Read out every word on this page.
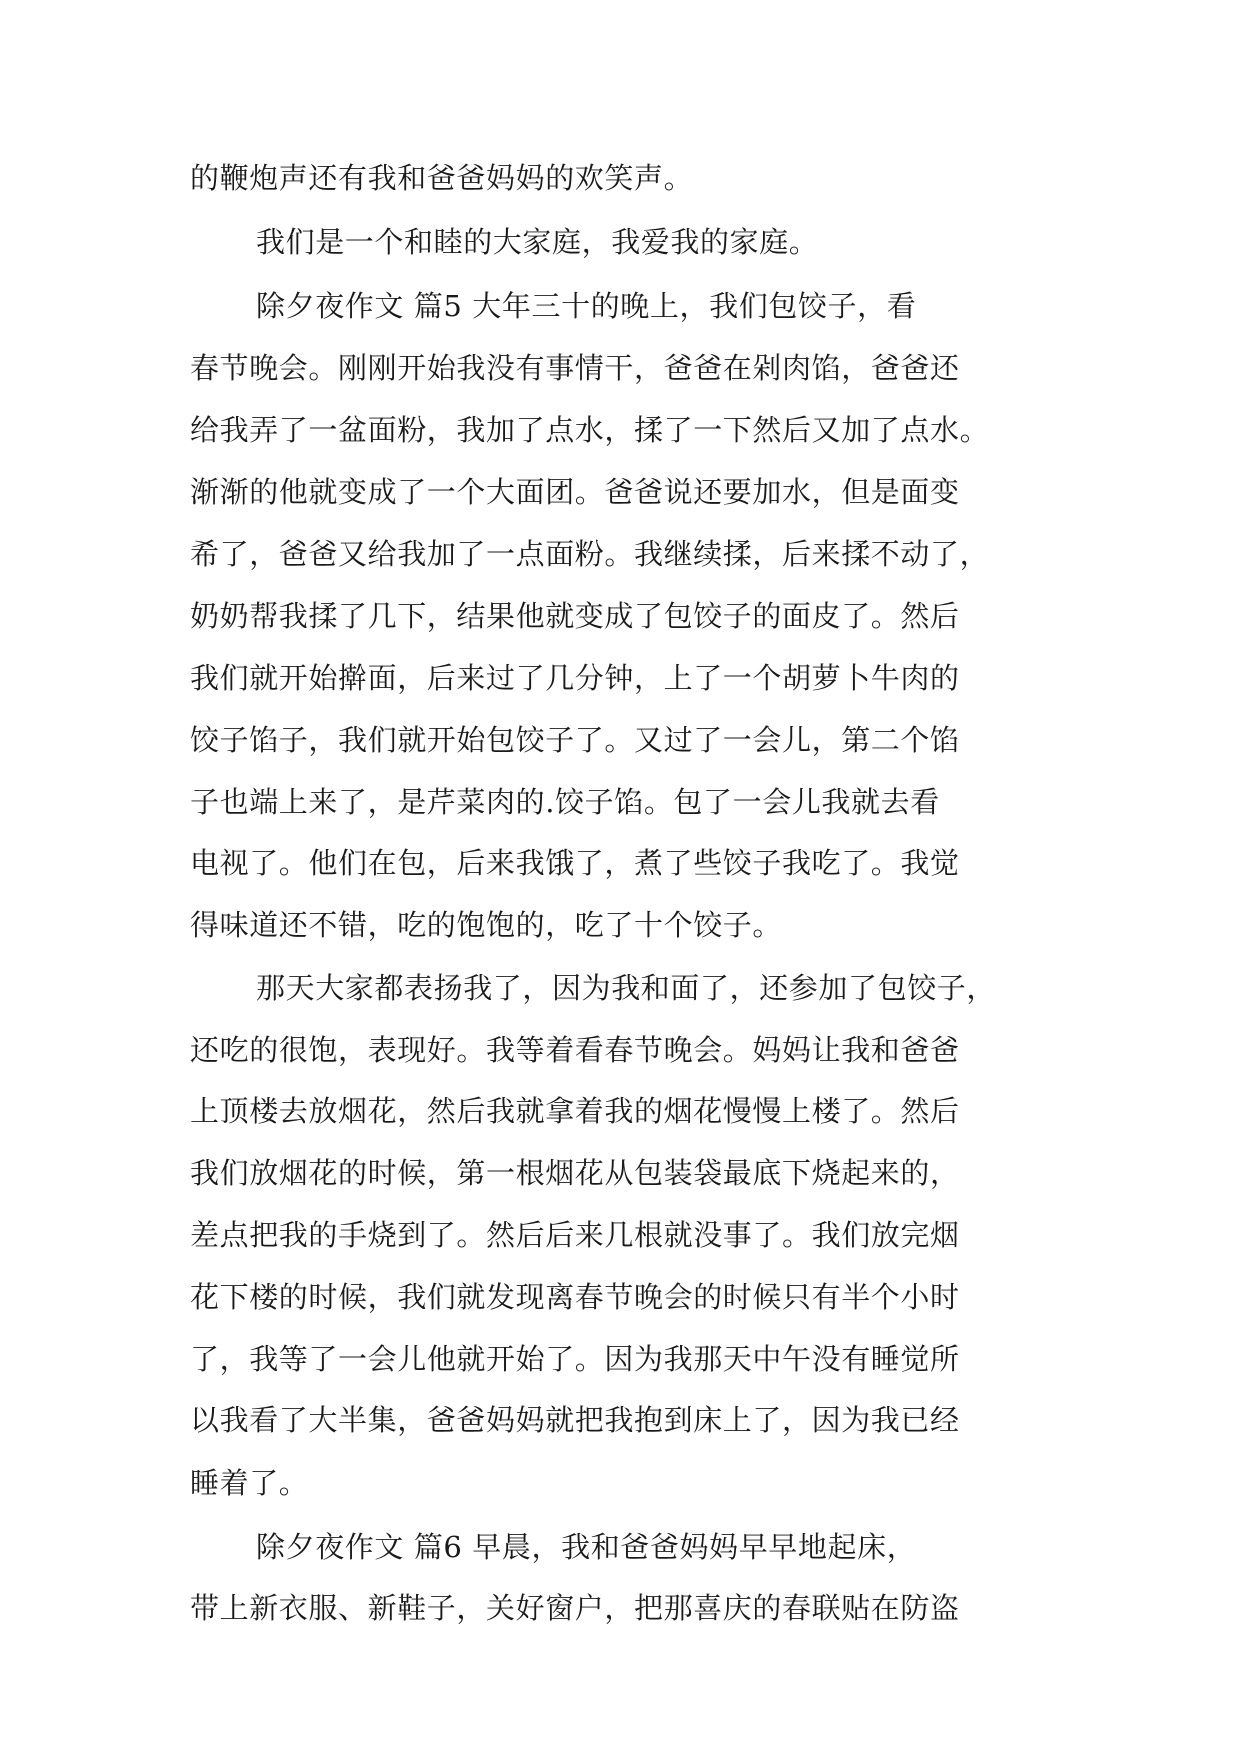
的鞭炮声还有我和爸爸妈妈的欢笑声。
我们是一个和睦的大家庭，我爱我的家庭。
除夕夜作文 篇5 大年三十的晚上，我们包饺子，看
春节晚会。刚刚开始我没有事情干，爸爸在剁肉馅，爸爸还
给我弄了一盆面粉，我加了点水，揉了一下然后又加了点水。
渐渐的他就变成了一个大面团。爸爸说还要加水，但是面变
希了，爸爸又给我加了一点面粉。我继续揉，后来揉不动了，
奶奶帮我揉了几下，结果他就变成了包饺子的面皮了。然后
我们就开始擀面，后来过了几分钟，上了一个胡萝卜牛肉的
饺子馅子，我们就开始包饺子了。又过了一会儿，第二个馅
子也端上来了，是芹菜肉的.饺子馅。包了一会儿我就去看
电视了。他们在包，后来我饿了，煮了些饺子我吃了。我觉
得味道还不错，吃的饱饱的，吃了十个饺子。
那天大家都表扬我了，因为我和面了，还参加了包饺子，
还吃的很饱，表现好。我等着看春节晚会。妈妈让我和爸爸
上顶楼去放烟花，然后我就拿着我的烟花慢慢上楼了。然后
我们放烟花的时候，第一根烟花从包装袋最底下烧起来的，
差点把我的手烧到了。然后后来几根就没事了。我们放完烟
花下楼的时候，我们就发现离春节晚会的时候只有半个小时
了，我等了一会儿他就开始了。因为我那天中午没有睡觉所
以我看了大半集，爸爸妈妈就把我抱到床上了，因为我已经
睡着了。
除夕夜作文 篇6 早晨，我和爸爸妈妈早早地起床，
带上新衣服、新鞋子，关好窗户，把那喜庆的春联贴在防盗
